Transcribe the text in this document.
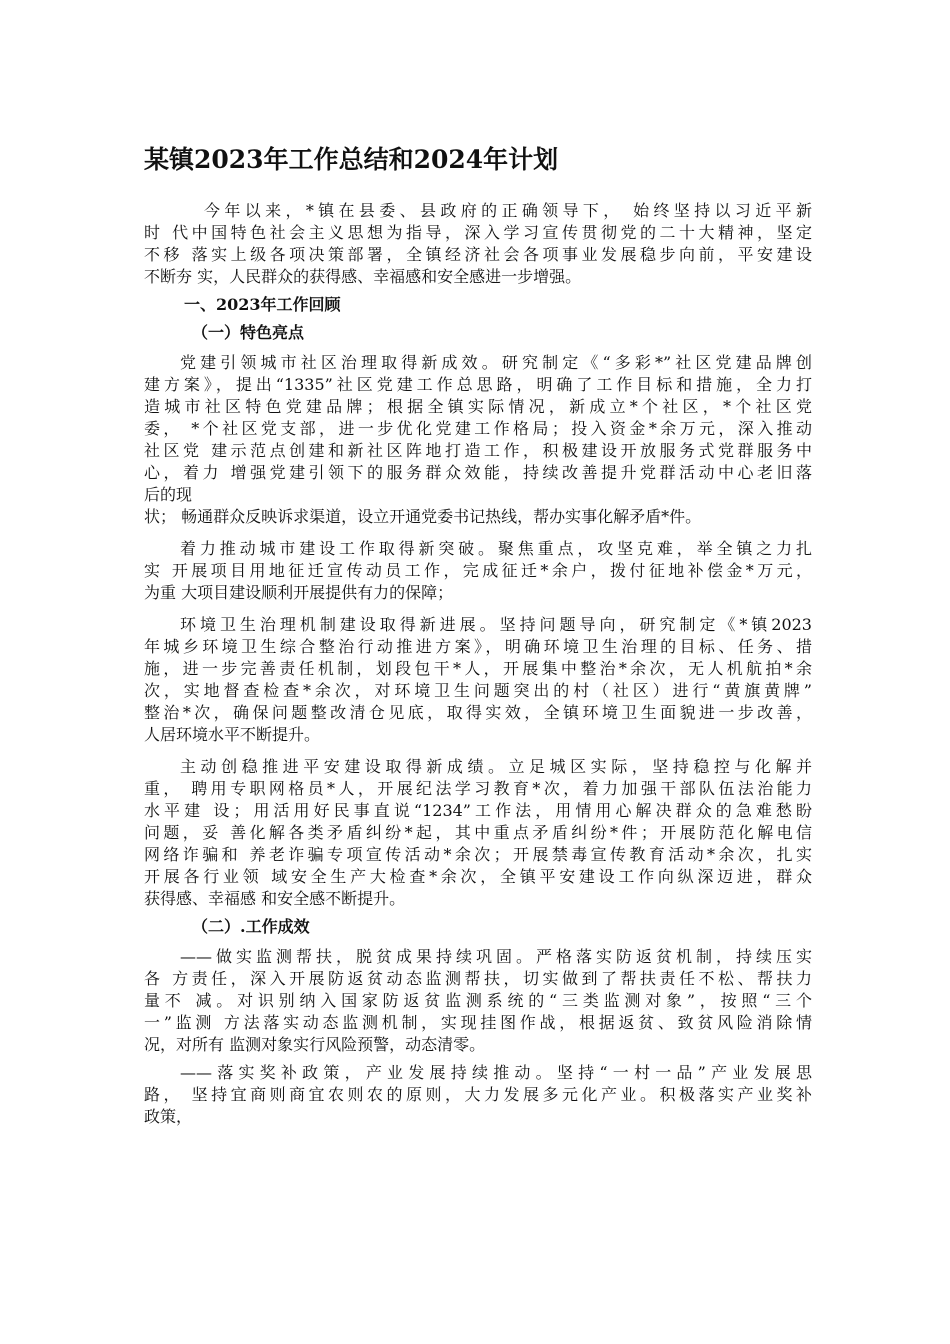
某镇2023年工作总结和2024年计划
今年以来，*镇在县委、县政府的正确领导下， 始终坚持以习近平新
时 代中国特色社会主义思想为指导，深入学习宣传贯彻党的二十大精神，坚定
不移 落实上级各项决策部署，全镇经济社会各项事业发展稳步向前，平安建设
不断夯 实，人民群众的获得感、幸福感和安全感进一步增强。
一、2023年工作回顾
（一）特色亮点
党建引领城市社区治理取得新成效。研究制定《“多彩*”社区党建品牌创
建方案》，提出“1335”社区党建工作总思路，明确了工作目标和措施，全力打
造城市社区特色党建品牌；根据全镇实际情况，新成立*个社区，*个社区党
委， *个社区党支部，进一步优化党建工作格局；投入资金*余万元，深入推动
社区党 建示范点创建和新社区阵地打造工作，积极建设开放服务式党群服务中
心，着力 增强党建引领下的服务群众效能，持续改善提升党群活动中心老旧落
后的现
状； 畅通群众反映诉求渠道，设立开通党委书记热线，帮办实事化解矛盾*件。
着力推动城市建设工作取得新突破。聚焦重点，攻坚克难，举全镇之力扎
实 开展项目用地征迁宣传动员工作，完成征迁*余户，拨付征地补偿金*万元，
为重 大项目建设顺利开展提供有力的保障；
环境卫生治理机制建设取得新进展。坚持问题导向，研究制定《*镇2023
年城乡环境卫生综合整治行动推进方案》，明确环境卫生治理的目标、任务、措
施，进一步完善责任机制，划段包干*人，开展集中整治*余次，无人机航拍*余
次，实地督查检查*余次，对环境卫生问题突出的村（社区）进行“黄旗黄牌”
整治*次，确保问题整改清仓见底，取得实效，全镇环境卫生面貌进一步改善，
人居环境水平不断提升。
主动创稳推进平安建设取得新成绩。立足城区实际，坚持稳控与化解并
重， 聘用专职网格员*人，开展纪法学习教育*次，着力加强干部队伍法治能力
水平建 设；用活用好民事直说“1234”工作法，用情用心解决群众的急难愁盼
问题，妥 善化解各类矛盾纠纷*起，其中重点矛盾纠纷*件；开展防范化解电信
网络诈骗和 养老诈骗专项宣传活动*余次；开展禁毒宣传教育活动*余次，扎实
开展各行业领 域安全生产大检查*余次，全镇平安建设工作向纵深迈进，群众
获得感、幸福感 和安全感不断提升。
（二）.工作成效
——做实监测帮扶，脱贫成果持续巩固。严格落实防返贫机制，持续压实
各 方责任，深入开展防返贫动态监测帮扶，切实做到了帮扶责任不松、帮扶力
量不 减。对识别纳入国家防返贫监测系统的“三类监测对象”，按照“三个
一”监测 方法落实动态监测机制，实现挂图作战，根据返贫、致贫风险消除情
况，对所有 监测对象实行风险预警，动态清零。
——落实奖补政策，产业发展持续推动。坚持“一村一品”产业发展思
路， 坚持宜商则商宜农则农的原则，大力发展多元化产业。积极落实产业奖补
政策，
